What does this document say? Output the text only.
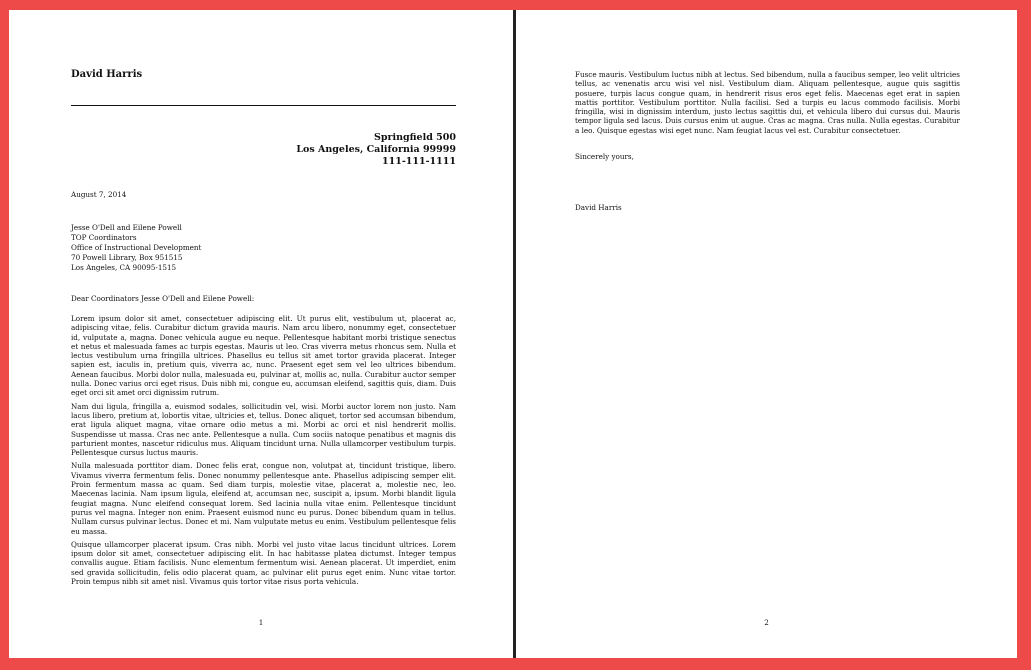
David Harris
Springfield 500
Los Angeles, California 99999
111-111-1111
August 7, 2014
Jesse O'Dell and Eilene Powell
TOP Coordinators
Office of Instructional Development
70 Powell Library, Box 951515
Los Angeles, CA 90095-1515
Dear Coordinators Jesse O'Dell and Eilene Powell:

Lorem ipsum dolor sit amet, consectetuer adipiscing elit. Ut purus elit, vestibulum ut, placerat ac, adipiscing vitae, felis. Curabitur dictum gravida mauris. Nam arcu libero, nonummy eget, consectetuer id, vulputate a, magna. Donec vehicula augue eu neque. Pellentesque habitant morbi tristique senectus et netus et malesuada fames ac turpis egestas. Mauris ut leo. Cras viverra metus rhoncus sem. Nulla et lectus vestibulum urna fringilla ultrices. Phasellus eu tellus sit amet tortor gravida placerat. Integer sapien est, iaculis in, pretium quis, viverra ac, nunc. Praesent eget sem vel leo ultrices bibendum. Aenean faucibus. Morbi dolor nulla, malesuada eu, pulvinar at, mollis ac, nulla. Curabitur auctor semper nulla. Donec varius orci eget risus. Duis nibh mi, congue eu, accumsan eleifend, sagittis quis, diam. Duis eget orci sit amet orci dignissim rutrum.

Nam dui ligula, fringilla a, euismod sodales, sollicitudin vel, wisi. Morbi auctor lorem non justo. Nam lacus libero, pretium at, lobortis vitae, ultricies et, tellus. Donec aliquet, tortor sed accumsan bibendum, erat ligula aliquet magna, vitae ornare odio metus a mi. Morbi ac orci et nisl hendrerit mollis. Suspendisse ut massa. Cras nec ante. Pellentesque a nulla. Cum sociis natoque penatibus et magnis dis parturient montes, nascetur ridiculus mus. Aliquam tincidunt urna. Nulla ullamcorper vestibulum turpis. Pellentesque cursus luctus mauris.

Nulla malesuada porttitor diam. Donec felis erat, congue non, volutpat at, tincidunt tristique, libero. Vivamus viverra fermentum felis. Donec nonummy pellentesque ante. Phasellus adipiscing semper elit. Proin fermentum massa ac quam. Sed diam turpis, molestie vitae, placerat a, molestie nec, leo. Maecenas lacinia. Nam ipsum ligula, eleifend at, accumsan nec, suscipit a, ipsum. Morbi blandit ligula feugiat magna. Nunc eleifend consequat lorem. Sed lacinia nulla vitae enim. Pellentesque tincidunt purus vel magna. Integer non enim. Praesent euismod nunc eu purus. Donec bibendum quam in tellus. Nullam cursus pulvinar lectus. Donec et mi. Nam vulputate metus eu enim. Vestibulum pellentesque felis eu massa.

Quisque ullamcorper placerat ipsum. Cras nibh. Morbi vel justo vitae lacus tincidunt ultrices. Lorem ipsum dolor sit amet, consectetuer adipiscing elit. In hac habitasse platea dictumst. Integer tempus convallis augue. Etiam facilisis. Nunc elementum fermentum wisi. Aenean placerat. Ut imperdiet, enim sed gravida sollicitudin, felis odio placerat quam, ac pulvinar elit purus eget enim. Nunc vitae tortor. Proin tempus nibh sit amet nisl. Vivamus quis tortor vitae risus porta vehicula.

1

Fusce mauris. Vestibulum luctus nibh at lectus. Sed bibendum, nulla a faucibus semper, leo velit ultricies tellus, ac venenatis arcu wisi vel nisl. Vestibulum diam. Aliquam pellentesque, augue quis sagittis posuere, turpis lacus congue quam, in hendrerit risus eros eget felis. Maecenas eget erat in sapien mattis porttitor. Vestibulum porttitor. Nulla facilisi. Sed a turpis eu lacus commodo facilisis. Morbi fringilla, wisi in dignissim interdum, justo lectus sagittis dui, et vehicula libero dui cursus dui. Mauris tempor ligula sed lacus. Duis cursus enim ut augue. Cras ac magna. Cras nulla. Nulla egestas. Curabitur a leo. Quisque egestas wisi eget nunc. Nam feugiat lacus vel est. Curabitur consectetuer.

Sincerely yours,
David Harris
2
